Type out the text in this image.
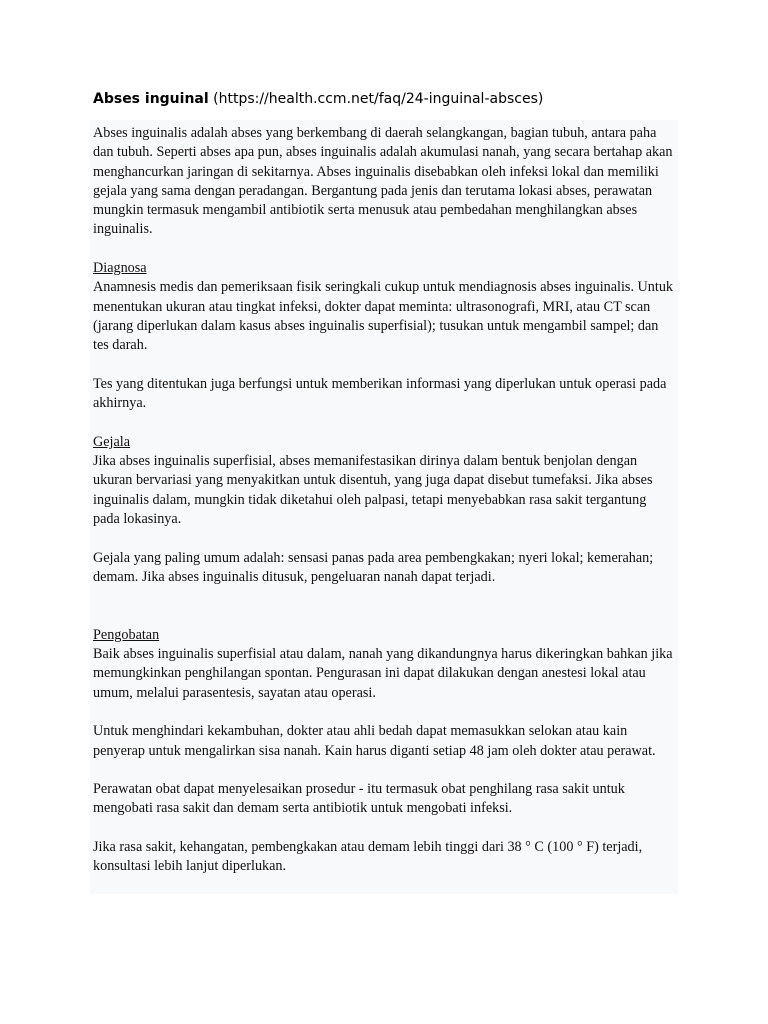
Abses inguinal (https://health.ccm.net/faq/24-inguinal-absces)

Abses inguinalis adalah abses yang berkembang di daerah selangkangan, bagian tubuh, antara paha dan tubuh. Seperti abses apa pun, abses inguinalis adalah akumulasi nanah, yang secara bertahap akan menghancurkan jaringan di sekitarnya. Abses inguinalis disebabkan oleh infeksi lokal dan memiliki gejala yang sama dengan peradangan. Bergantung pada jenis dan terutama lokasi abses, perawatan mungkin termasuk mengambil antibiotik serta menusuk atau pembedahan menghilangkan abses inguinalis.

Diagnosa

Anamnesis medis dan pemeriksaan fisik seringkali cukup untuk mendiagnosis abses inguinalis. Untuk menentukan ukuran atau tingkat infeksi, dokter dapat meminta: ultrasonografi, MRI, atau CT scan (jarang diperlukan dalam kasus abses inguinalis superfisial); tusukan untuk mengambil sampel; dan tes darah.

Tes yang ditentukan juga berfungsi untuk memberikan informasi yang diperlukan untuk operasi pada akhirnya.

Gejala

Jika abses inguinalis superfisial, abses memanifestasikan dirinya dalam bentuk benjolan dengan ukuran bervariasi yang menyakitkan untuk disentuh, yang juga dapat disebut tumefaksi. Jika abses inguinalis dalam, mungkin tidak diketahui oleh palpasi, tetapi menyebabkan rasa sakit tergantung pada lokasinya.

Gejala yang paling umum adalah: sensasi panas pada area pembengkakan; nyeri lokal; kemerahan; demam. Jika abses inguinalis ditusuk, pengeluaran nanah dapat terjadi.

Pengobatan

Baik abses inguinalis superfisial atau dalam, nanah yang dikandungnya harus dikeringkan bahkan jika memungkinkan penghilangan spontan. Pengurasan ini dapat dilakukan dengan anestesi lokal atau umum, melalui parasentesis, sayatan atau operasi.

Untuk menghindari kekambuhan, dokter atau ahli bedah dapat memasukkan selokan atau kain penyerap untuk mengalirkan sisa nanah. Kain harus diganti setiap 48 jam oleh dokter atau perawat.

Perawatan obat dapat menyelesaikan prosedur - itu termasuk obat penghilang rasa sakit untuk mengobati rasa sakit dan demam serta antibiotik untuk mengobati infeksi.

Jika rasa sakit, kehangatan, pembengkakan atau demam lebih tinggi dari 38 ° C (100 ° F) terjadi, konsultasi lebih lanjut diperlukan.
